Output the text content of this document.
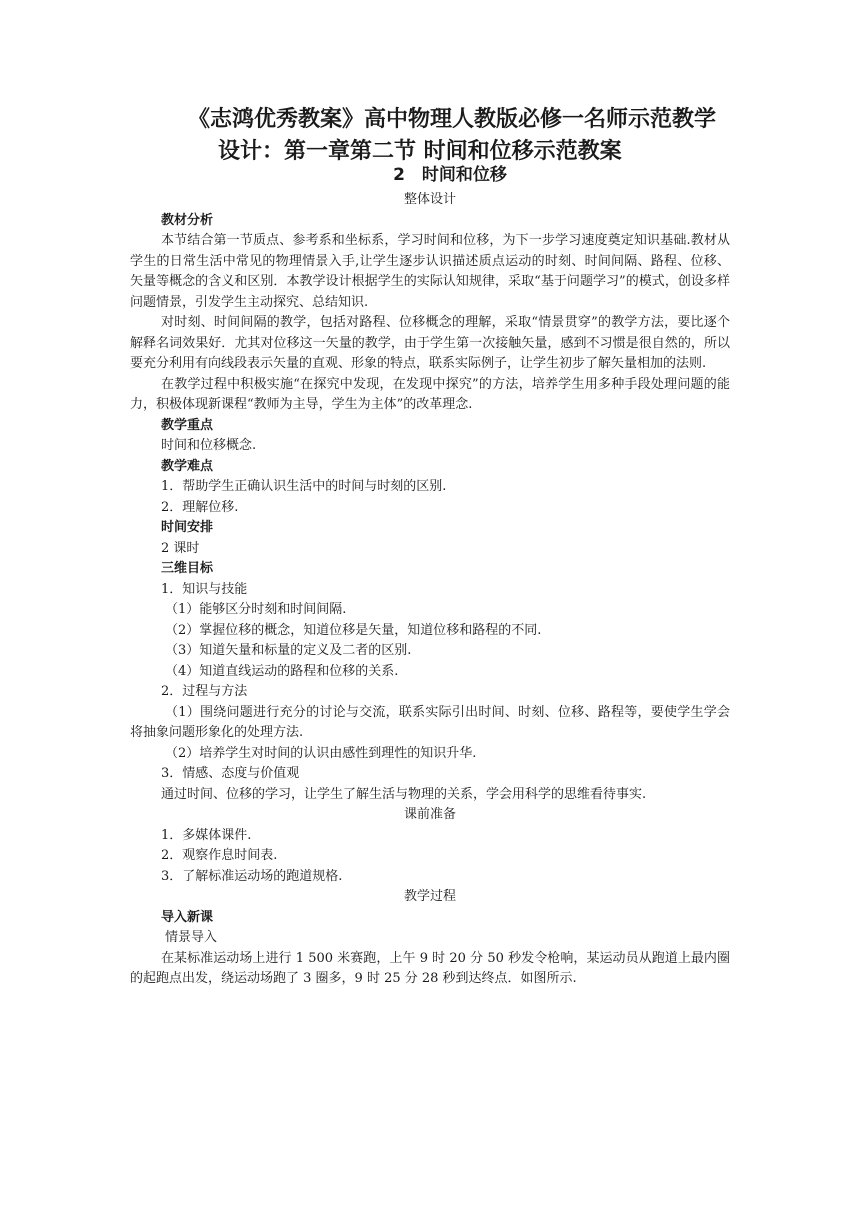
《志鸿优秀教案》高中物理人教版必修一名师示范教学
设计：第一章第二节 时间和位移示范教案
2　时间和位移
整体设计
教材分析
本节结合第一节质点、参考系和坐标系，学习时间和位移，为下一步学习速度奠定知识基础.教材从学生的日常生活中常见的物理情景入手,让学生逐步认识描述质点运动的时刻、时间间隔、路程、位移、矢量等概念的含义和区别．本教学设计根据学生的实际认知规律，采取“基于问题学习”的模式，创设多样问题情景，引发学生主动探究、总结知识.
对时刻、时间间隔的教学，包括对路程、位移概念的理解，采取“情景贯穿”的教学方法，要比逐个解释名词效果好．尤其对位移这一矢量的教学，由于学生第一次接触矢量，感到不习惯是很自然的，所以要充分利用有向线段表示矢量的直观、形象的特点，联系实际例子，让学生初步了解矢量相加的法则.
在教学过程中积极实施“在探究中发现，在发现中探究”的方法，培养学生用多种手段处理问题的能力，积极体现新课程“教师为主导，学生为主体”的改革理念.
教学重点
时间和位移概念.
教学难点
1．帮助学生正确认识生活中的时间与时刻的区别.
2．理解位移.
时间安排
2 课时
三维目标
1．知识与技能
（1）能够区分时刻和时间间隔.
（2）掌握位移的概念，知道位移是矢量，知道位移和路程的不同.
（3）知道矢量和标量的定义及二者的区别.
（4）知道直线运动的路程和位移的关系.
2．过程与方法
（1）围绕问题进行充分的讨论与交流，联系实际引出时间、时刻、位移、路程等，要使学生学会将抽象问题形象化的处理方法.
（2）培养学生对时间的认识由感性到理性的知识升华.
3．情感、态度与价值观
通过时间、位移的学习，让学生了解生活与物理的关系，学会用科学的思维看待事实.
课前准备
1．多媒体课件.
2．观察作息时间表.
3．了解标准运动场的跑道规格.
教学过程
导入新课
情景导入
在某标准运动场上进行 1 500 米赛跑，上午 9 时 20 分 50 秒发令枪响，某运动员从跑道上最内圈的起跑点出发，绕运动场跑了 3 圈多，9 时 25 分 28 秒到达终点．如图所示.
